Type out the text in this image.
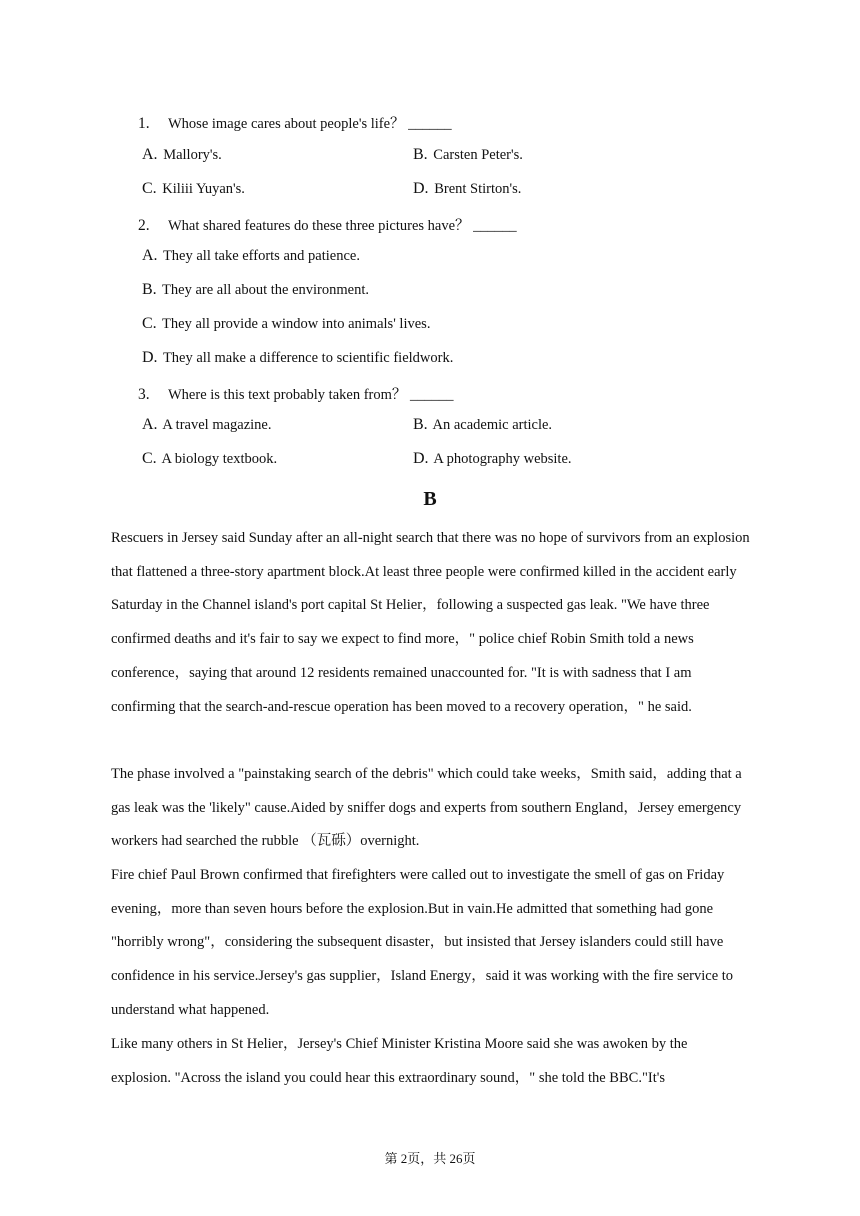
1. Whose image cares about people's life？ ______
A. Mallory's.	B. Carsten Peter's.
C. Kiliii Yuyan's.	D. Brent Stirton's.
2. What shared features do these three pictures have？ ______
A. They all take efforts and patience.
B. They are all about the environment.
C. They all provide a window into animals' lives.
D. They all make a difference to scientific fieldwork.
3. Where is this text probably taken from？ ______
A. A travel magazine.	B. An academic article.
C. A biology textbook.	D. A photography website.
B
Rescuers in Jersey said Sunday after an all-night search that there was no hope of survivors from an explosion that flattened a three-story apartment block.At least three people were confirmed killed in the accident early Saturday in the Channel island's port capital St Helier，following a suspected gas leak. "We have three confirmed deaths and it's fair to say we expect to find more，" police chief Robin Smith told a news conference，saying that around 12 residents remained unaccounted for. "It is with sadness that I am confirming that the search-and-rescue operation has been moved to a recovery operation，" he said.
The phase involved a "painstaking search of the debris" which could take weeks，Smith said，adding that a gas leak was the 'likely" cause.Aided by sniffer dogs and experts from southern England，Jersey emergency workers had searched the rubble （瓦砾）overnight.
Fire chief Paul Brown confirmed that firefighters were called out to investigate the smell of gas on Friday evening，more than seven hours before the explosion.But in vain.He admitted that something had gone "horribly wrong"，considering the subsequent disaster，but insisted that Jersey islanders could still have confidence in his service.Jersey's gas supplier，Island Energy，said it was working with the fire service to understand what happened.
Like many others in St Helier，Jersey's Chief Minister Kristina Moore said she was awoken by the explosion. "Across the island you could hear this extraordinary sound，" she told the BBC."It's
第 2页，共 26页
